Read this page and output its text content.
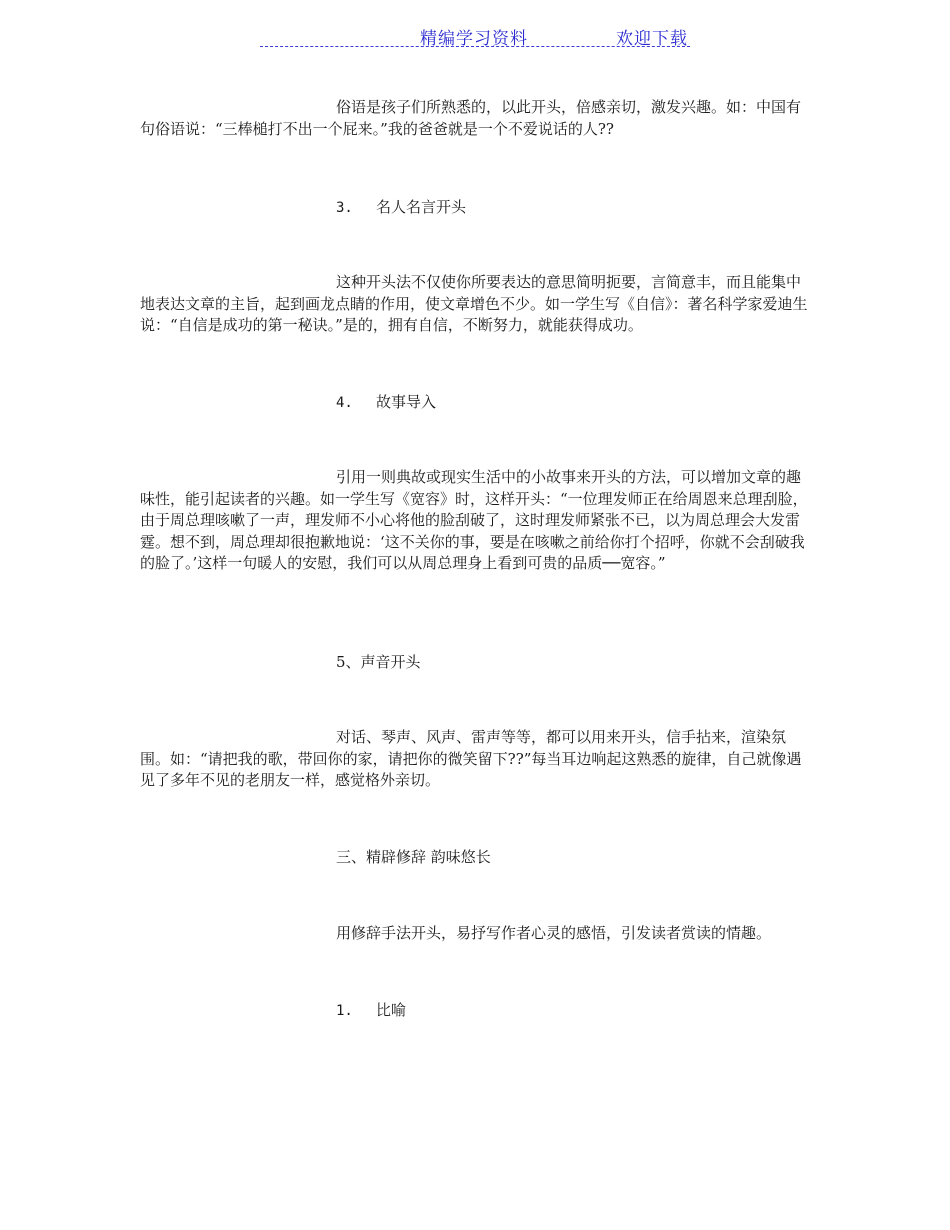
精编学习资料	欢迎下载
俗语是孩子们所熟悉的，以此开头，倍感亲切，激发兴趣。如：中国有句俗语说：“三棒槌打不出一个屁来。”我的爸爸就是一个不爱说话的人??
3. 名人名言开头
这种开头法不仅使你所要表达的意思简明扼要，言简意丰，而且能集中地表达文章的主旨，起到画龙点睛的作用，使文章增色不少。如一学生写《自信》：著名科学家爱迪生说：“自信是成功的第一秘诀。”是的，拥有自信，不断努力，就能获得成功。
4. 故事导入
引用一则典故或现实生活中的小故事来开头的方法，可以增加文章的趣味性，能引起读者的兴趣。如一学生写《宽容》时，这样开头：“一位理发师正在给周恩来总理刮脸，由于周总理咳嗽了一声，理发师不小心将他的脸刮破了，这时理发师紧张不已，以为周总理会大发雷霆。想不到，周总理却很抱歉地说：‘这不关你的事，要是在咳嗽之前给你打个招呼，你就不会刮破我的脸了。’这样一句暖人的安慰，我们可以从周总理身上看到可贵的品质──宽容。”
5、声音开头
对话、琴声、风声、雷声等等，都可以用来开头，信手拈来，渲染氛围。如：“请把我的歌，带回你的家，请把你的微笑留下??”每当耳边响起这熟悉的旋律，自己就像遇见了多年不见的老朋友一样，感觉格外亲切。
三、精辟修辞 韵味悠长
用修辞手法开头，易抒写作者心灵的感悟，引发读者赏读的情趣。
1. 比喻
